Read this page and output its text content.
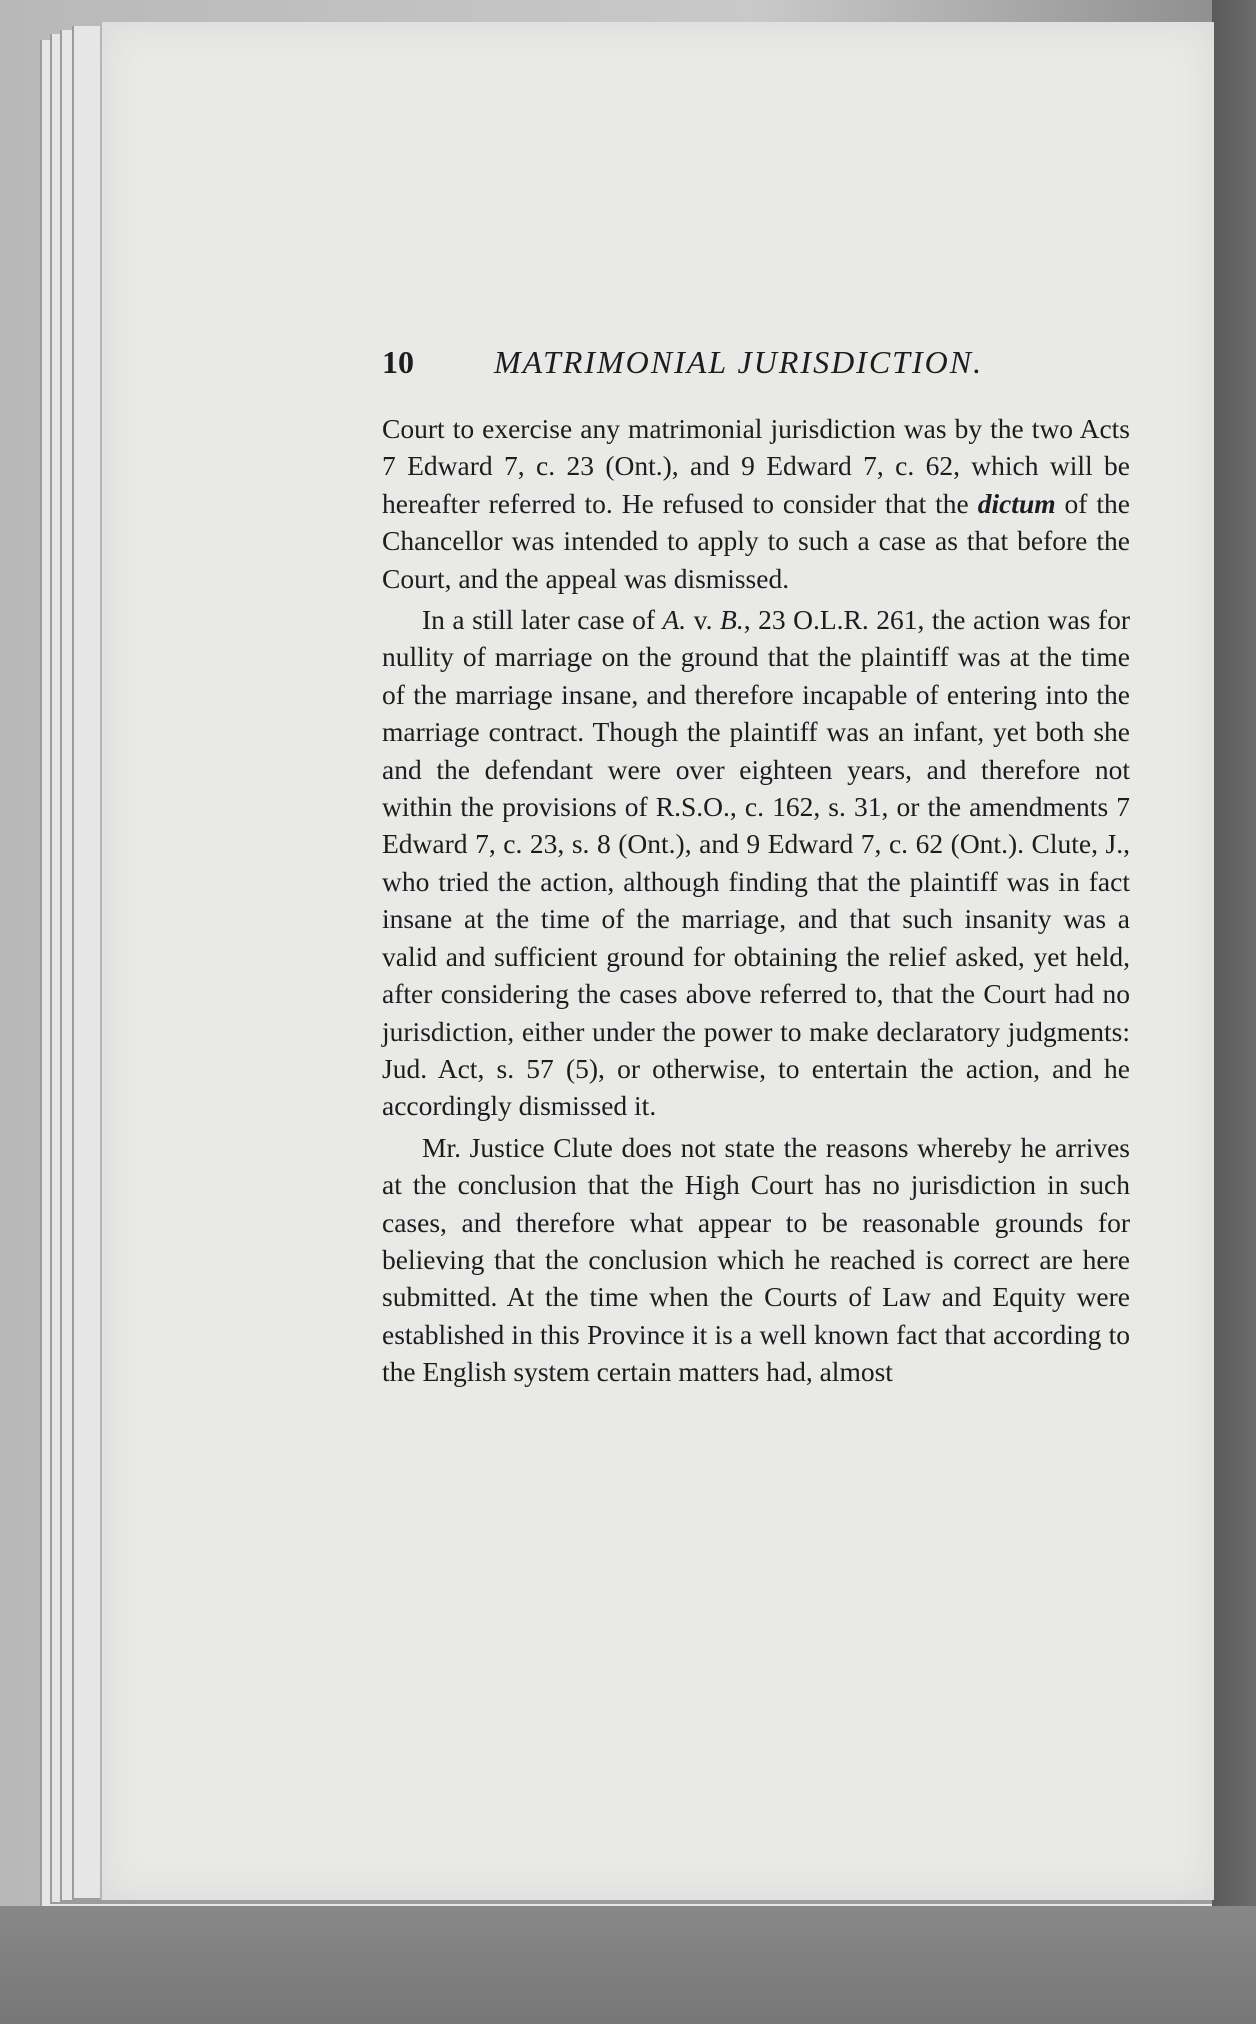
10	MATRIMONIAL JURISDICTION.

Court to exercise any matrimonial jurisdiction was by the two Acts 7 Edward 7, c. 23 (Ont.), and 9 Edward 7, c. 62, which will be hereafter referred to. He refused to consider that the dictum of the Chancellor was intended to apply to such a case as that before the Court, and the appeal was dismissed.

In a still later case of A. v. B., 23 O.L.R. 261, the action was for nullity of marriage on the ground that the plaintiff was at the time of the marriage insane, and therefore incapable of entering into the marriage contract. Though the plaintiff was an infant, yet both she and the defendant were over eighteen years, and therefore not within the provisions of R.S.O., c. 162, s. 31, or the amendments 7 Edward 7, c. 23, s. 8 (Ont.), and 9 Edward 7, c. 62 (Ont.). Clute, J., who tried the action, although finding that the plaintiff was in fact insane at the time of the marriage, and that such insanity was a valid and sufficient ground for obtaining the relief asked, yet held, after considering the cases above referred to, that the Court had no jurisdiction, either under the power to make declaratory judgments: Jud. Act, s. 57 (5), or otherwise, to entertain the action, and he accordingly dismissed it.

Mr. Justice Clute does not state the reasons whereby he arrives at the conclusion that the High Court has no jurisdiction in such cases, and therefore what appear to be reasonable grounds for believing that the conclusion which he reached is correct are here submitted. At the time when the Courts of Law and Equity were established in this Province it is a well known fact that according to the English system certain matters had, almost
